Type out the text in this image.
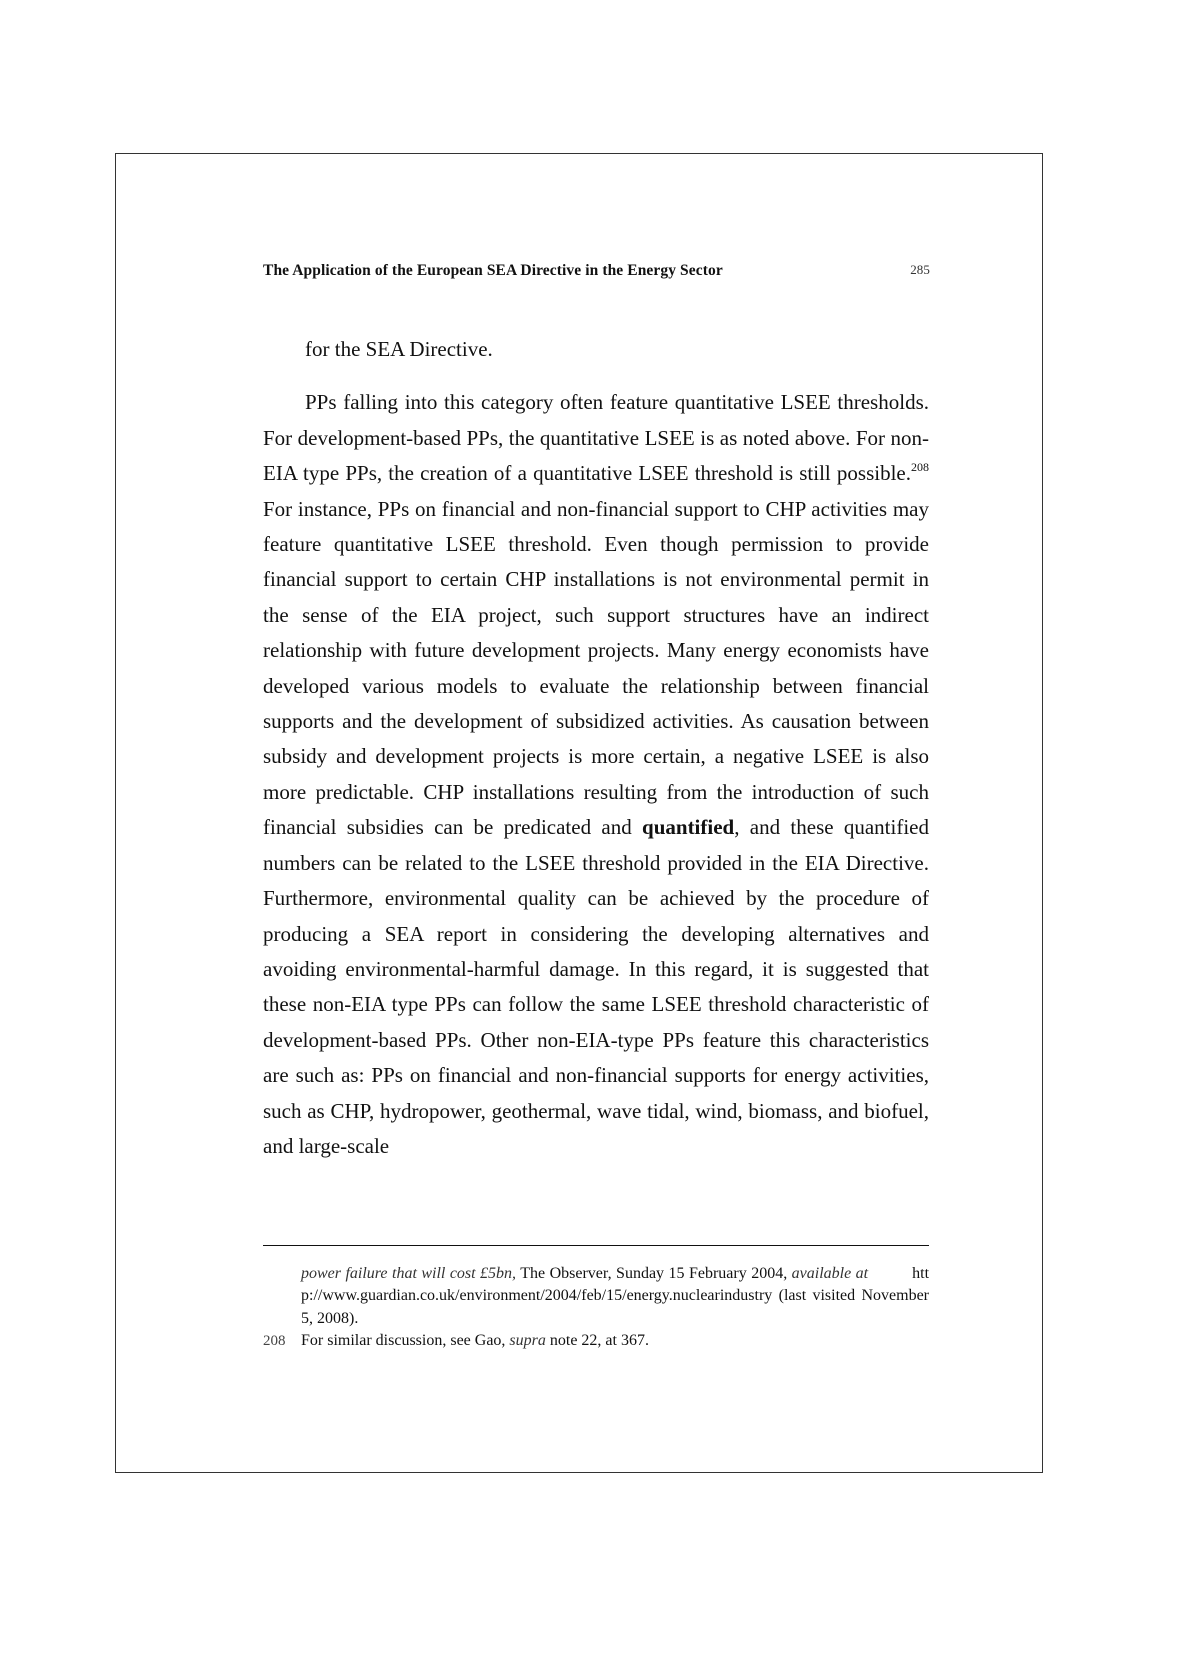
The Application of the European SEA Directive in the Energy Sector	285

for the SEA Directive.

PPs falling into this category often feature quantitative LSEE thresholds. For development-based PPs, the quantitative LSEE is as noted above. For non-EIA type PPs, the creation of a quantitative LSEE threshold is still possible.$^{208}$ For instance, PPs on financial and non-financial support to CHP activities may feature quantitative LSEE threshold. Even though permission to provide financial support to certain CHP installations is not environmental permit in the sense of the EIA project, such support structures have an indirect relationship with future development projects. Many energy economists have developed various models to evaluate the relationship between financial supports and the development of subsidized activities. As causation between subsidy and development projects is more certain, a negative LSEE is also more predictable. CHP installations resulting from the introduction of such financial subsidies can be predicated and quantified, and these quantified numbers can be related to the LSEE threshold provided in the EIA Directive. Furthermore, environmental quality can be achieved by the procedure of producing a SEA report in considering the developing alternatives and avoiding environmental-harmful damage. In this regard, it is suggested that these non-EIA type PPs can follow the same LSEE threshold characteristic of development-based PPs. Other non-EIA-type PPs feature this characteristics are such as: PPs on financial and non-financial supports for energy activities, such as CHP, hydropower, geothermal, wave tidal, wind, biomass, and biofuel, and large-scale

power failure that will cost £5bn, The Observer, Sunday 15 February 2004, available at	http://www.guardian.co.uk/environment/2004/feb/15/energy.nuclearindustry (last visited November 5, 2008).
208 For similar discussion, see Gao, supra note 22, at 367.
